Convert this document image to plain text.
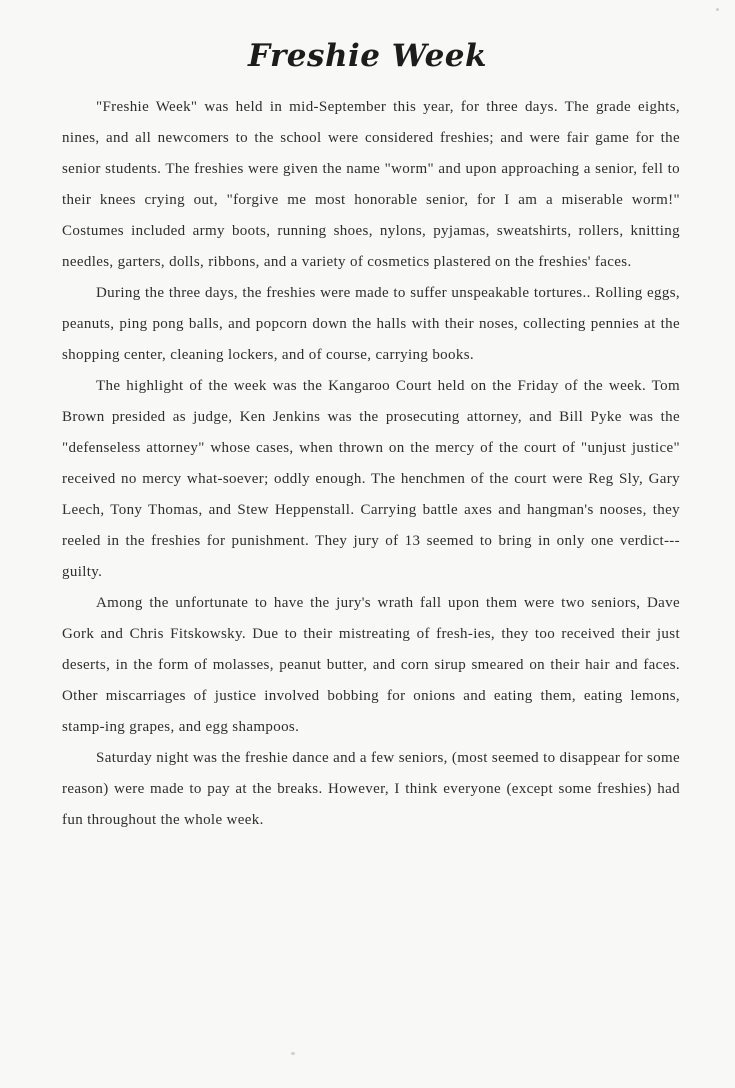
Freshie Week

"Freshie Week" was held in mid-September this year, for three days. The grade eights, nines, and all newcomers to the school were considered freshies; and were fair game for the senior students. The freshies were given the name "worm" and upon approaching a senior, fell to their knees crying out, "forgive me most honorable senior, for I am a miserable worm!" Costumes included army boots, running shoes, nylons, pyjamas, sweatshirts, rollers, knitting needles, garters, dolls, ribbons, and a variety of cosmetics plastered on the freshies' faces.

During the three days, the freshies were made to suffer unspeakable tortures.. Rolling eggs, peanuts, ping pong balls, and popcorn down the halls with their noses, collecting pennies at the shopping center, cleaning lockers, and of course, carrying books.

The highlight of the week was the Kangaroo Court held on the Friday of the week. Tom Brown presided as judge, Ken Jenkins was the prosecuting attorney, and Bill Pyke was the "defenseless attorney" whose cases, when thrown on the mercy of the court of "unjust justice" received no mercy what-soever; oddly enough. The henchmen of the court were Reg Sly, Gary Leech, Tony Thomas, and Stew Heppenstall. Carrying battle axes and hangman's nooses, they reeled in the freshies for punishment. They jury of 13 seemed to bring in only one verdict---guilty.

Among the unfortunate to have the jury's wrath fall upon them were two seniors, Dave Gork and Chris Fitskowsky. Due to their mistreating of fresh-ies, they too received their just deserts, in the form of molasses, peanut butter, and corn sirup smeared on their hair and faces. Other miscarriages of justice involved bobbing for onions and eating them, eating lemons, stamp-ing grapes, and egg shampoos.

Saturday night was the freshie dance and a few seniors, (most seemed to disappear for some reason) were made to pay at the breaks. However, I think everyone (except some freshies) had fun throughout the whole week.
